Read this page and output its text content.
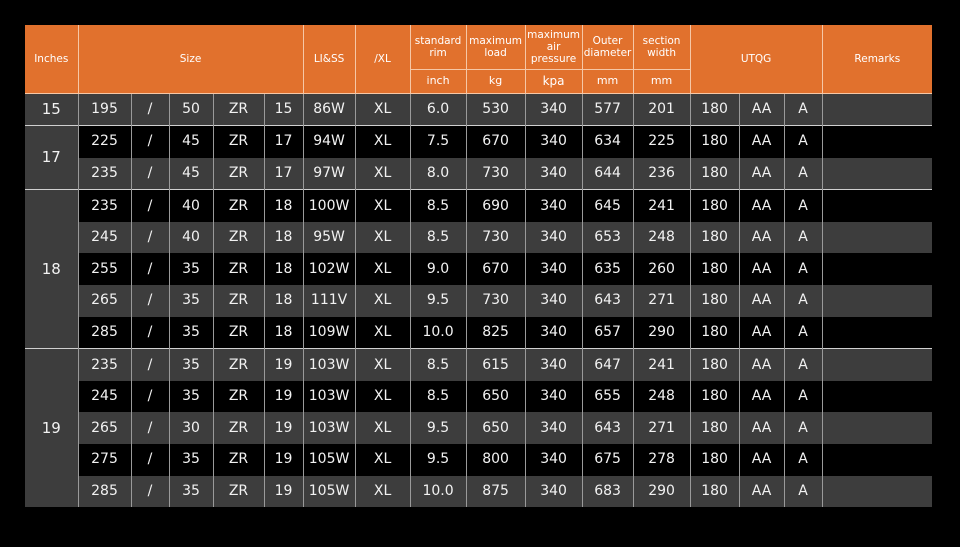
Inches	Size					LI&SS	/XL	standard rim	maximum load	maximum air pressure	Outer diameter	section width	UTQG			Remarks
								inch	kg	kpa	mm	mm				
15	195	/	50	ZR	15	86W	XL	6.0	530	340	577	201	180	AA	A	
17	225	/	45	ZR	17	94W	XL	7.5	670	340	634	225	180	AA	A	
	235	/	45	ZR	17	97W	XL	8.0	730	340	644	236	180	AA	A	
18	235	/	40	ZR	18	100W	XL	8.5	690	340	645	241	180	AA	A	
	245	/	40	ZR	18	95W	XL	8.5	730	340	653	248	180	AA	A	
	255	/	35	ZR	18	102W	XL	9.0	670	340	635	260	180	AA	A	
	265	/	35	ZR	18	111V	XL	9.5	730	340	643	271	180	AA	A	
	285	/	35	ZR	18	109W	XL	10.0	825	340	657	290	180	AA	A	
19	235	/	35	ZR	19	103W	XL	8.5	615	340	647	241	180	AA	A	
	245	/	35	ZR	19	103W	XL	8.5	650	340	655	248	180	AA	A	
	265	/	30	ZR	19	103W	XL	9.5	650	340	643	271	180	AA	A	
	275	/	35	ZR	19	105W	XL	9.5	800	340	675	278	180	AA	A	
	285	/	35	ZR	19	105W	XL	10.0	875	340	683	290	180	AA	A	
